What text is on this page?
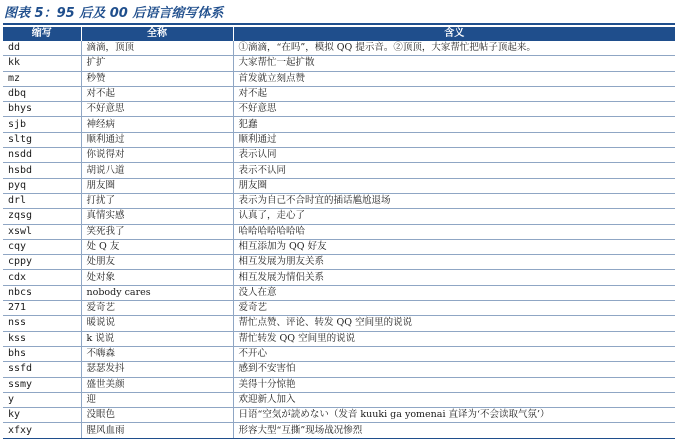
图表 5：95 后及 00 后语言缩写体系
缩写	全称	含义
dd	滴滴，顶顶	①滴滴，“在吗”，模拟 QQ 提示音。②顶顶，大家帮忙把帖子顶起来。
kk	扩扩	大家帮忙一起扩散
mz	秒赞	首发就立刻点赞
dbq	对不起	对不起
bhys	不好意思	不好意思
sjb	神经病	犯蠢
sltg	顺利通过	顺利通过
nsdd	你说得对	表示认同
hsbd	胡说八道	表示不认同
pyq	朋友圈	朋友圈
drl	打扰了	表示为自己不合时宜的插话尴尬退场
zqsg	真情实感	认真了，走心了
xswl	笑死我了	哈哈哈哈哈哈哈
cqy	处 Q 友	相互添加为 QQ 好友
cppy	处朋友	相互发展为朋友关系
cdx	处对象	相互发展为情侣关系
nbcs	nobody cares	没人在意
271	爱奇艺	爱奇艺
nss	暖说说	帮忙点赞、评论、转发 QQ 空间里的说说
kss	k 说说	帮忙转发 QQ 空间里的说说
bhs	不嗨森	不开心
ssfd	瑟瑟发抖	感到不安害怕
ssmy	盛世美颜	美得十分惊艳
y	迎	欢迎新人加入
ky	没眼色	日语“空気が読めない（发音 kuuki ga yomenai 直译为‘不会读取气氛’）
xfxy	腥风血雨	形容大型“互撕”现场战况惨烈
